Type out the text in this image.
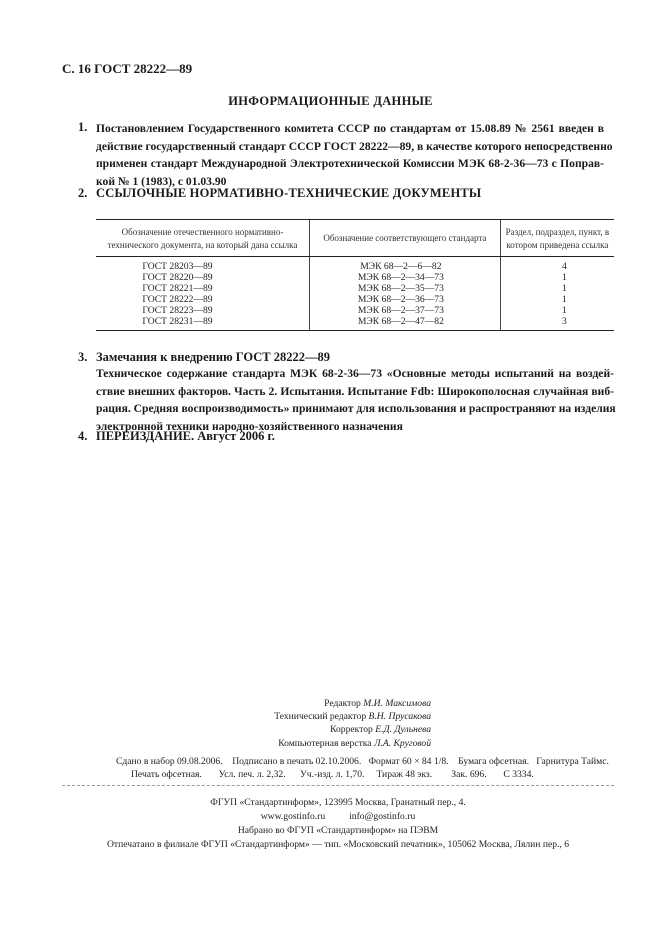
С. 16 ГОСТ 28222—89
ИНФОРМАЦИОННЫЕ ДАННЫЕ
1. Постановлением Государственного комитета СССР по стандартам от 15.08.89 № 2561 введен в
действие государственный стандарт СССР ГОСТ 28222—89, в качестве которого непосредственно
применен стандарт Международной Электротехнической Комиссии МЭК 68-2-36—73 с Поправ-
кой № 1 (1983), с 01.03.90
2. ССЫЛОЧНЫЕ НОРМАТИВНО-ТЕХНИЧЕСКИЕ ДОКУМЕНТЫ
Обозначение отечественного нормативно-технического документа, на который дана ссылка	Обозначение соответствующего стандарта	Раздел, подраздел, пункт, в котором приведена ссылка
ГОСТ 28203—89	МЭК 68—2—6—82	4
ГОСТ 28220—89	МЭК 68—2—34—73	1
ГОСТ 28221—89	МЭК 68—2—35—73	1
ГОСТ 28222—89	МЭК 68—2—36—73	1
ГОСТ 28223—89	МЭК 68—2—37—73	1
ГОСТ 28231—89	МЭК 68—2—47—82	3
3. Замечания к внедрению ГОСТ 28222—89
Техническое содержание стандарта МЭК 68-2-36—73 «Основные методы испытаний на воздей-
ствие внешних факторов. Часть 2. Испытания. Испытание Fdb: Широкополосная случайная виб-
рация. Средняя воспроизводимость» принимают для использования и распространяют на изделия
электронной техники народно-хозяйственного назначения
4. ПЕРЕИЗДАНИЕ. Август 2006 г.
Редактор М.И. Максимова
Технический редактор В.Н. Прусакова
Корректор Е.Д. Дульнева
Компьютерная верстка Л.А. Круговой
Сдано в набор 09.08.2006. Подписано в печать 02.10.2006. Формат 60 × 84 1/8. Бумага офсетная. Гарнитура Таймс.
Печать офсетная. Усл. печ. л. 2,32. Уч.-изд. л. 1,70. Тираж 48 экз. Зак. 696. С 3334.
ФГУП «Стандартинформ», 123995 Москва, Гранатный пер., 4.
www.gostinfo.ru          info@gostinfo.ru
Набрано во ФГУП «Стандартинформ» на ПЭВМ
Отпечатано в филиале ФГУП «Стандартинформ» — тип. «Московский печатник», 105062 Москва, Лялин пер., 6
